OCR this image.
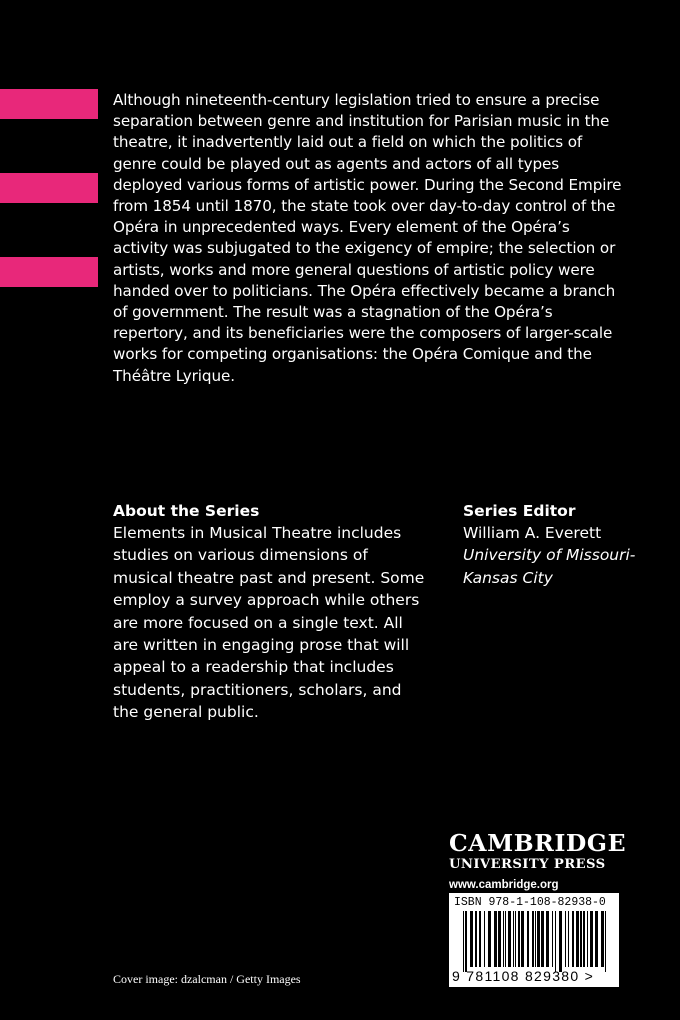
Although nineteenth-century legislation tried to ensure a precise separation between genre and institution for Parisian music in the theatre, it inadvertently laid out a field on which the politics of genre could be played out as agents and actors of all types deployed various forms of artistic power. During the Second Empire from 1854 until 1870, the state took over day-to-day control of the Opéra in unprecedented ways. Every element of the Opéra’s activity was subjugated to the exigency of empire; the selection or artists, works and more general questions of artistic policy were handed over to politicians. The Opéra effectively became a branch of government. The result was a stagnation of the Opéra’s repertory, and its beneficiaries were the composers of larger-scale works for competing organisations: the Opéra Comique and the Théâtre Lyrique.

About the Series

Elements in Musical Theatre includes studies on various dimensions of musical theatre past and present. Some employ a survey approach while others are more focused on a single text. All are written in engaging prose that will appeal to a readership that includes students, practitioners, scholars, and the general public.

Series Editor

William A. Everett

University of Missouri-Kansas City

CAMBRIDGE

UNIVERSITY PRESS

www.cambridge.org

ISBN 978-1-108-82938-0
9 781108 829380 >
Cover image: dzalcman / Getty Images
